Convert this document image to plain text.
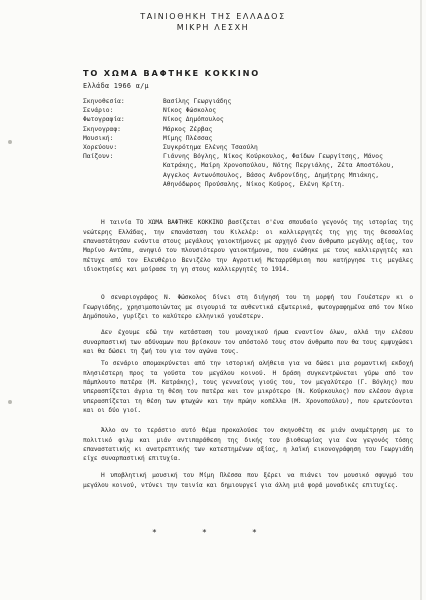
ΤΑΙΝΙΟΘΗΚΗ ΤΗΣ ΕΛΛΑΔΟΣ
ΜΙΚΡΗ ΛΕΣΧΗ
ΤΟ ΧΩΜΑ ΒΑΦΤΗΚΕ ΚΟΚΚΙΝΟ
Ελλάδα 1966 α/μ
Σκηνοθεσία:	Βασίλης Γεωργιάδης
Σενάριο:	Νίκος Φώσκολος
Φωτογραφία:	Νίκος Δημόπουλος
Σκηνογραφ:	Μάρκος Ζέρβας
Μουσική:	Μίμης Πλέσσας
Χορεύουν:	Συγκρότημα Ελένης Τσαούλη
Παίζουν:	Γιάννης Βόγλης, Νίκος Κούρκουλος, Φαίδων Γεωργίτσης, Μάνος Κατράκης, Μαίρη Χρονοπούλου, Νότης Περγιάλης, Ζέτα Αποστόλου, Αγγελος Αντωνόπουλος, Βάσος Ανδρονίδης, Δημήτρης Μπιάκης, Αθηνόδωρος Προύσαλης, Νίκος Κούρος, Ελένη Κρίτη.

Η ταινία ΤΟ ΧΩΜΑ ΒΑΦΤΗΚΕ ΚΟΚΚΙΝΟ βασίζεται σ'ένα σπουδαίο γεγονός της ιστορίας της νεώτερης Ελλάδας, την επανάσταση του Κιλελέρ: οι καλλιεργητές της γης της Θεσσαλίας επαναστάτησαν ενάντια στους μεγάλους γαιοκτήμονες με αρχηγό έναν άνθρωπο μεγάλης αξίας, τον Μαρίνο Αντύπα, ανηψιό του πλουσιότερου γαιοκτήμονα, που ενώθηκε με τους καλλιεργητές και πέτυχε από τον Ελευθέριο Βενιζέλο την Αγροτική Μεταρρύθμιση που κατήργησε τις μεγάλες ιδιοκτησίες και μοίρασε τη γη στους καλλιεργητές το 1914.

Ο σεναριογράφος Ν. Φώσκολος δίνει στη διήγησή του τη μορφή του Γουέστερν κι ο Γεωργιάδης, χρησιμοποιώντας με σιγουριά τα αυθεντικά εξωτερικά, φωτογραφημένα από τον Νίκο Δημόπουλο, γυρίζει το καλύτερο ελληνικό γουέστερν.

Δεν έχουμε εδώ την κατάσταση του μοναχικού ήρωα εναντίον όλων, αλλά την ελέσου συναρπαστική των αδύναμων που βρίσκουν τον απόστολό τους στον άνθρωπο που θα τους εμψυχώσει και θα δώσει τη ζωή του για τον αγώνα τους.

Το σενάριο απομακρύνεται από την ιστορική αλήθεια για να δώσει μια ρομαντική εκδοχή πλησιέστερη προς τα γούστα του μεγάλου κοινού. Η δράση συγκεντρώνεται γύρω από τον πάμπλουτο πατέρα (Μ. Κατράκης), τους γενναίους γιούς του, τον μεγαλύτερο (Γ. Βόγλης) που υπερασπίζεται άγρια τη θέση του πατέρα και τον μικρότερο (Ν. Κούρκουλος) που ελέσου άγρια υπερασπίζεται τη θέση των φτωχών και την πρώην κοπέλλα (Μ. Χρονοπούλου), που ερωτεύονται και οι δύο γιοί.

Άλλο αν το τεράστιο αυτό θέμα προκαλούσε τον σκηνοθέτη σε μιάν αναμέτρηση με το πολιτικό φιλμ και μιάν αντιπαράθεση της δικής του βιοθεωρίας για ένα γεγονός τόσης επαναστατικής κι ανατρεπτικής των κατεστημένων αξίας, η λαϊκή εικονογράφηση του Γεωργιάδη είχε συναρπαστική επιτυχία.

Η υποβλητική μουσική του Μίμη Πλέσσα που ξέρει να πιάνει τον μουσικό σφυγμό του μεγάλου κοινού, ντύνει την ταινία και δημιουργεί για άλλη μιά φορά μοναδικές επιτυχίες.

*	*	*
